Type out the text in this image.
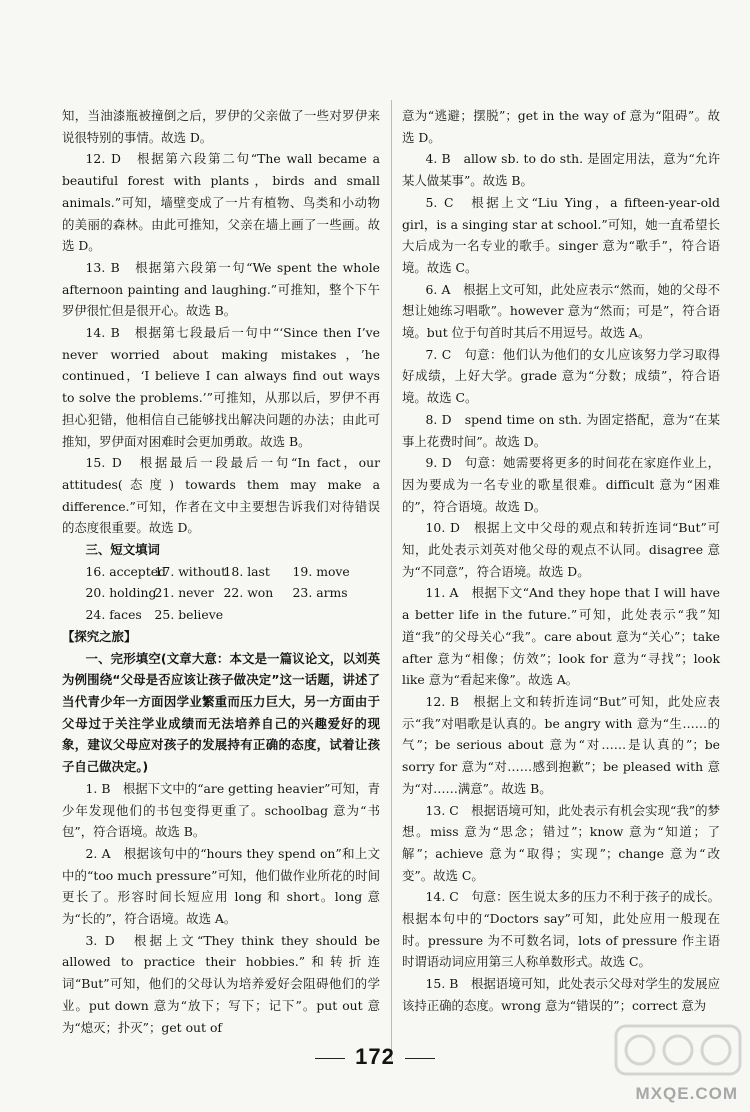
知，当油漆瓶被撞倒之后，罗伊的父亲做了一些对罗伊来说很特别的事情。故选 D。

12. D　根据第六段第二句“The wall became a beautiful forest with plants，birds and small animals.”可知，墙壁变成了一片有植物、鸟类和小动物的美丽的森林。由此可推知，父亲在墙上画了一些画。故选 D。

13. B　根据第六段第一句“We spent the whole afternoon painting and laughing.”可推知，整个下午罗伊很忙但是很开心。故选 B。

14. B　根据第七段最后一句中“‘Since then I’ve never worried about making mistakes，’he continued，‘I believe I can always find out ways to solve the problems.’”可推知，从那以后，罗伊不再担心犯错，他相信自己能够找出解决问题的办法；由此可推知，罗伊面对困难时会更加勇敢。故选 B。

15. D　根据最后一段最后一句“In fact，our attitudes(态度) towards them may make a difference.”可知，作者在文中主要想告诉我们对待错误的态度很重要。故选 D。

三、短文填词

16. accepted
17. without
18. last	19. move
20. holding
21. never 22. won	23. arms
24. faces	25. believe

【探究之旅】

一、完形填空(文章大意：本文是一篇议论文，以刘英为例围绕“父母是否应该让孩子做决定”这一话题，讲述了当代青少年一方面因学业繁重而压力巨大，另一方面由于父母过于关注学业成绩而无法培养自己的兴趣爱好的现象，建议父母应对孩子的发展持有正确的态度，试着让孩子自己做决定。)

1. B　根据下文中的“are getting heavier”可知，青少年发现他们的书包变得更重了。schoolbag 意为“书包”，符合语境。故选 B。

2. A　根据该句中的“hours they spend on”和上文中的“too much pressure”可知，他们做作业所花的时间更长了。形容时间长短应用 long 和 short。long 意为“长的”，符合语境。故选 A。

3. D　根据上文“They think they should be allowed to practice their hobbies.”和转折连词“But”可知，他们的父母认为培养爱好会阻碍他们的学业。put down 意为“放下；写下；记下”。put out 意为“熄灭；扑灭”；get out of

意为“逃避；摆脱”；get in the way of 意为“阻碍”。故选 D。

4. B　allow sb. to do sth. 是固定用法，意为“允许某人做某事”。故选 B。

5. C　根据上文“Liu Ying，a fifteen-year-old girl，is a singing star at school.”可知，她一直希望长大后成为一名专业的歌手。singer 意为“歌手”，符合语境。故选 C。

6. A　根据上文可知，此处应表示“然而，她的父母不想让她练习唱歌”。however 意为“然而；可是”，符合语境。but 位于句首时其后不用逗号。故选 A。

7. C　句意：他们认为他们的女儿应该努力学习取得好成绩，上好大学。grade 意为“分数；成绩”，符合语境。故选 C。

8. D　spend time on sth. 为固定搭配，意为“在某事上花费时间”。故选 D。

9. D　句意：她需要将更多的时间花在家庭作业上，因为要成为一名专业的歌星很难。difficult 意为“困难的”，符合语境。故选 D。

10. D　根据上文中父母的观点和转折连词“But”可知，此处表示刘英对他父母的观点不认同。disagree 意为“不同意”，符合语境。故选 D。

11. A　根据下文“And they hope that I will have a better life in the future.”可知，此处表示“我”知道“我”的父母关心“我”。care about 意为“关心”；take after 意为“相像；仿效”；look for 意为“寻找”；look like 意为“看起来像”。故选 A。

12. B　根据上文和转折连词“But”可知，此处应表示“我”对唱歌是认真的。be angry with 意为“生……的气”；be serious about 意为“对……是认真的”；be sorry for 意为“对……感到抱歉”；be pleased with 意为“对……满意”。故选 B。

13. C　根据语境可知，此处表示有机会实现“我”的梦想。miss 意为“思念；错过”；know 意为“知道；了解”；achieve 意为“取得；实现”；change 意为“改变”。故选 C。

14. C　句意：医生说太多的压力不利于孩子的成长。根据本句中的“Doctors say”可知，此处应用一般现在时。pressure 为不可数名词，lots of pressure 作主语时谓语动词应用第三人称单数形式。故选 C。

15. B　根据语境可知，此处表示父母对学生的发展应该持正确的态度。wrong 意为“错误的”；correct 意为

172
MXQE.COM
